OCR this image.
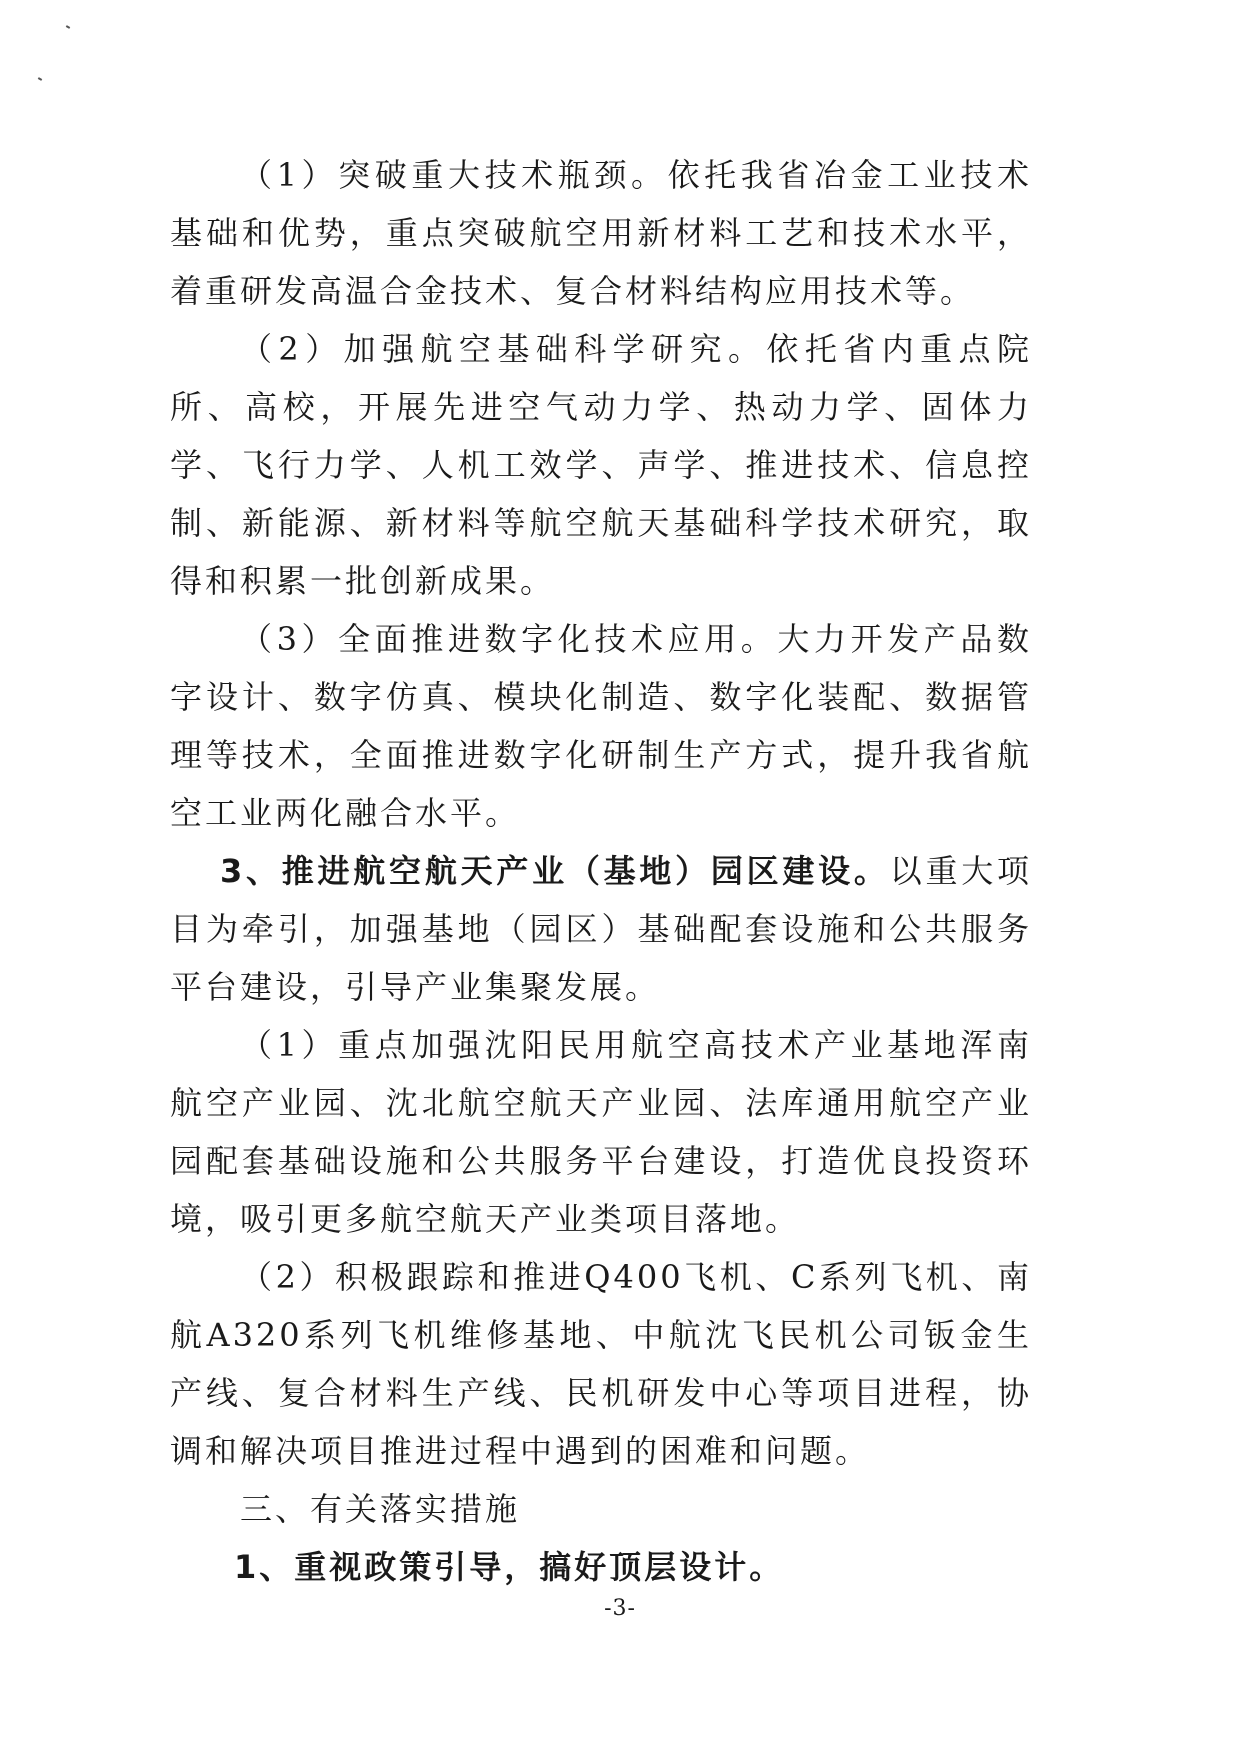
（1）突破重大技术瓶颈。依托我省冶金工业技术基础和优势，重点突破航空用新材料工艺和技术水平，着重研发高温合金技术、复合材料结构应用技术等。

（2）加强航空基础科学研究。依托省内重点院所、高校，开展先进空气动力学、热动力学、固体力学、飞行力学、人机工效学、声学、推进技术、信息控制、新能源、新材料等航空航天基础科学技术研究，取得和积累一批创新成果。

（3）全面推进数字化技术应用。大力开发产品数字设计、数字仿真、模块化制造、数字化装配、数据管理等技术，全面推进数字化研制生产方式，提升我省航空工业两化融合水平。

3、推进航空航天产业（基地）园区建设。以重大项目为牵引，加强基地（园区）基础配套设施和公共服务平台建设，引导产业集聚发展。

（1）重点加强沈阳民用航空高技术产业基地浑南航空产业园、沈北航空航天产业园、法库通用航空产业园配套基础设施和公共服务平台建设，打造优良投资环境，吸引更多航空航天产业类项目落地。

（2）积极跟踪和推进Q400飞机、C系列飞机、南航A320系列飞机维修基地、中航沈飞民机公司钣金生产线、复合材料生产线、民机研发中心等项目进程，协调和解决项目推进过程中遇到的困难和问题。

三、有关落实措施

1、重视政策引导，搞好顶层设计。

-3-
